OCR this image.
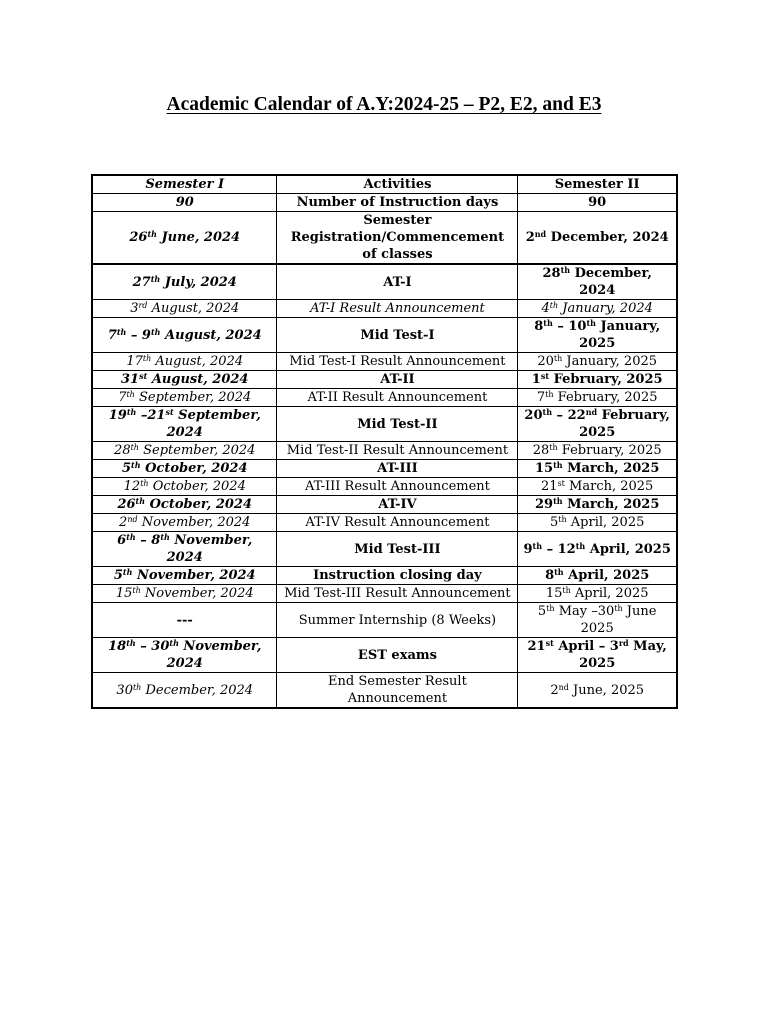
Academic Calendar of A.Y:2024-25 – P2, E2, and E3
Semester I	Activities	Semester II
90	Number of Instruction days	90
26th June, 2024	Semester Registration/Commencement of classes	2nd December, 2024
27th July, 2024	AT-I	28th December, 2024
3rd August, 2024	AT-I Result Announcement	4th January, 2024
7th – 9th August, 2024	Mid Test-I	8th – 10th January, 2025
17th August, 2024	Mid Test-I Result Announcement	20th January, 2025
31st August, 2024	AT-II	1st February, 2025
7th September, 2024	AT-II Result Announcement	7th February, 2025
19th –21st September, 2024	Mid Test-II	20th – 22nd February, 2025
28th September, 2024	Mid Test-II Result Announcement	28th February, 2025
5th October, 2024	AT-III	15th March, 2025
12th October, 2024	AT-III Result Announcement	21st March, 2025
26th October, 2024	AT-IV	29th March, 2025
2nd November, 2024	AT-IV Result Announcement	5th April, 2025
6th – 8th November, 2024	Mid Test-III	9th – 12th April, 2025
5th November, 2024	Instruction closing day	8th April, 2025
15th November, 2024	Mid Test-III Result Announcement	15th April, 2025
---	Summer Internship (8 Weeks)	5th May –30th June 2025
18th – 30th November, 2024	EST exams	21st April – 3rd May, 2025
30th December, 2024	End Semester Result Announcement	2nd June, 2025
